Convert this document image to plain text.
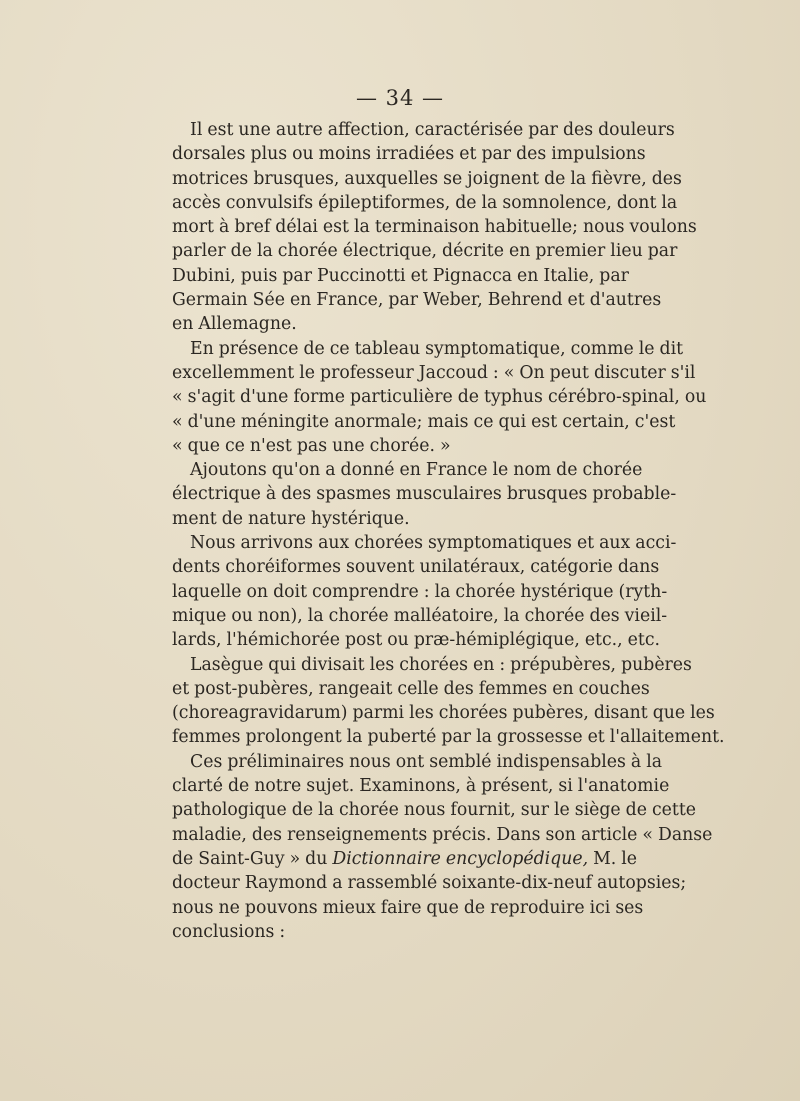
— 34 —
Il est une autre affection, caractérisée par des douleurs
dorsales plus ou moins irradiées et par des impulsions
motrices brusques, auxquelles se joignent de la fièvre, des
accès convulsifs épileptiformes, de la somnolence, dont la
mort à bref délai est la terminaison habituelle; nous voulons
parler de la chorée électrique, décrite en premier lieu par
Dubini, puis par Puccinotti et Pignacca en Italie, par
Germain Sée en France, par Weber, Behrend et d'autres
en Allemagne.
En présence de ce tableau symptomatique, comme le dit
excellemment le professeur Jaccoud : « On peut discuter s'il
« s'agit d'une forme particulière de typhus cérébro-spinal, ou
« d'une méningite anormale; mais ce qui est certain, c'est
« que ce n'est pas une chorée. »
Ajoutons qu'on a donné en France le nom de chorée
électrique à des spasmes musculaires brusques probable-
ment de nature hystérique.
Nous arrivons aux chorées symptomatiques et aux acci-
dents choréiformes souvent unilatéraux, catégorie dans
laquelle on doit comprendre : la chorée hystérique (ryth-
mique ou non), la chorée malléatoire, la chorée des vieil-
lards, l'hémichorée post ou præ-hémiplégique, etc., etc.
Lasègue qui divisait les chorées en : prépubères, pubères
et post-pubères, rangeait celle des femmes en couches
(choreagravidarum) parmi les chorées pubères, disant que les
femmes prolongent la puberté par la grossesse et l'allaitement.
Ces préliminaires nous ont semblé indispensables à la
clarté de notre sujet. Examinons, à présent, si l'anatomie
pathologique de la chorée nous fournit, sur le siège de cette
maladie, des renseignements précis. Dans son article « Danse
de Saint-Guy » du Dictionnaire encyclopédique, M. le
docteur Raymond a rassemblé soixante-dix-neuf autopsies;
nous ne pouvons mieux faire que de reproduire ici ses
conclusions :
